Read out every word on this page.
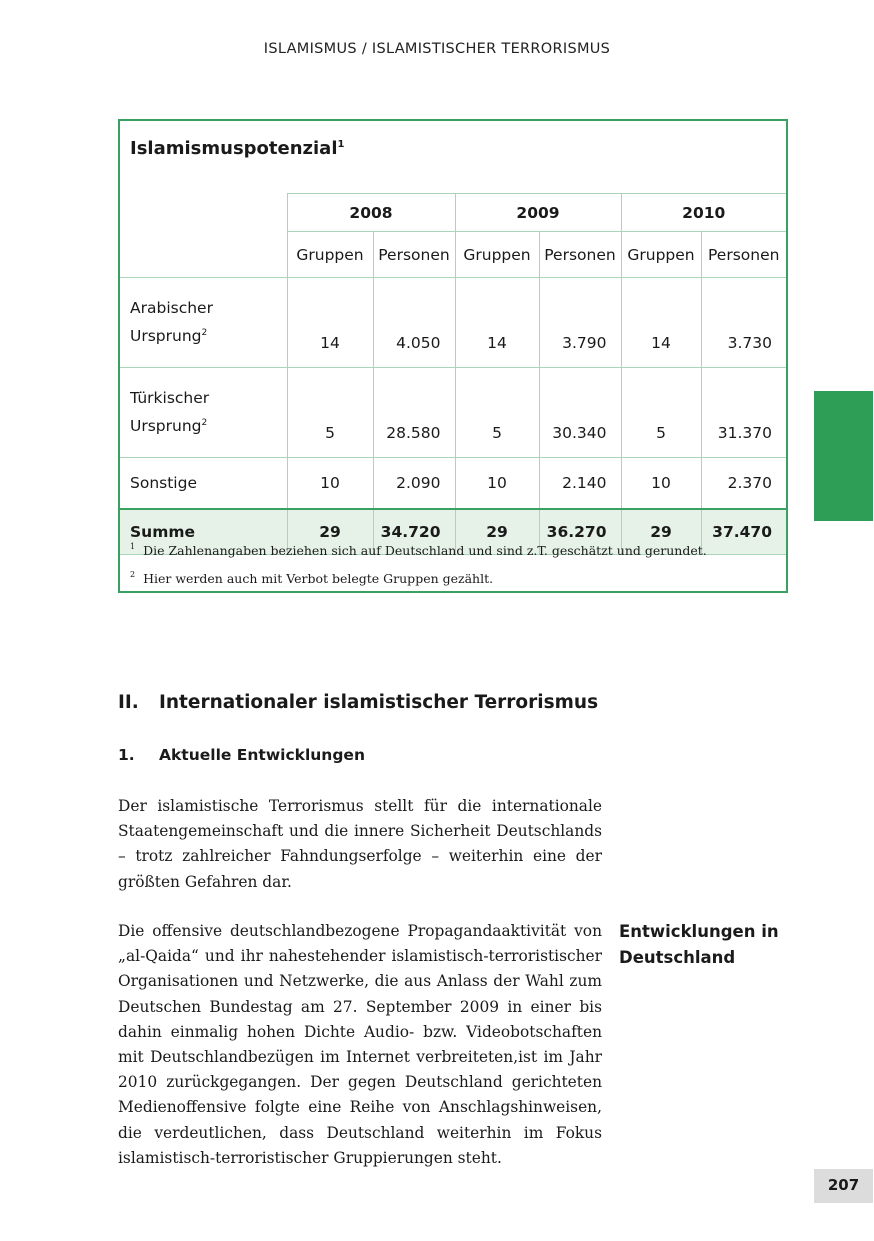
ISLAMISMUS / ISLAMISTISCHER TERRORISMUS
Islamismuspotenzial$^1$
	2008		2009		2010	
	Gruppen	Personen	Gruppen	Personen	Gruppen	Personen
Arabischer
Ursprung$^2$	14	4.050	14	3.790	14	3.730
Türkischer
Ursprung$^2$	5	28.580	5	30.340	5	31.370
Sonstige	10	2.090	10	2.140	10	2.370
Summe	29	34.720	29	36.270	29	37.470
$^1$ Die Zahlenangaben beziehen sich auf Deutschland und sind z.T. geschätzt und gerundet.
$^2$ Hier werden auch mit Verbot belegte Gruppen gezählt.
II. Internationaler islamistischer Terrorismus
1. Aktuelle Entwicklungen

Der islamistische Terrorismus stellt für die internationale Staatengemeinschaft und die innere Sicherheit Deutschlands – trotz zahlreicher Fahndungserfolge – weiterhin eine der größten Gefahren dar.

Die offensive deutschlandbezogene Propagandaaktivität von „al-Qaida“ und ihr nahestehender islamistisch-terroristischer Organisationen und Netzwerke, die aus Anlass der Wahl zum Deutschen Bundestag am 27. September 2009 in einer bis dahin einmalig hohen Dichte Audio- bzw. Videobotschaften mit Deutschlandbezügen im Internet verbreiteten,ist im Jahr 2010 zurückgegangen. Der gegen Deutschland gerichteten Medienoffensive folgte eine Reihe von Anschlagshinweisen, die verdeutlichen, dass Deutschland weiterhin im Fokus islamistisch-terroristischer Gruppierungen steht.

Entwicklungen in
Deutschland
207
